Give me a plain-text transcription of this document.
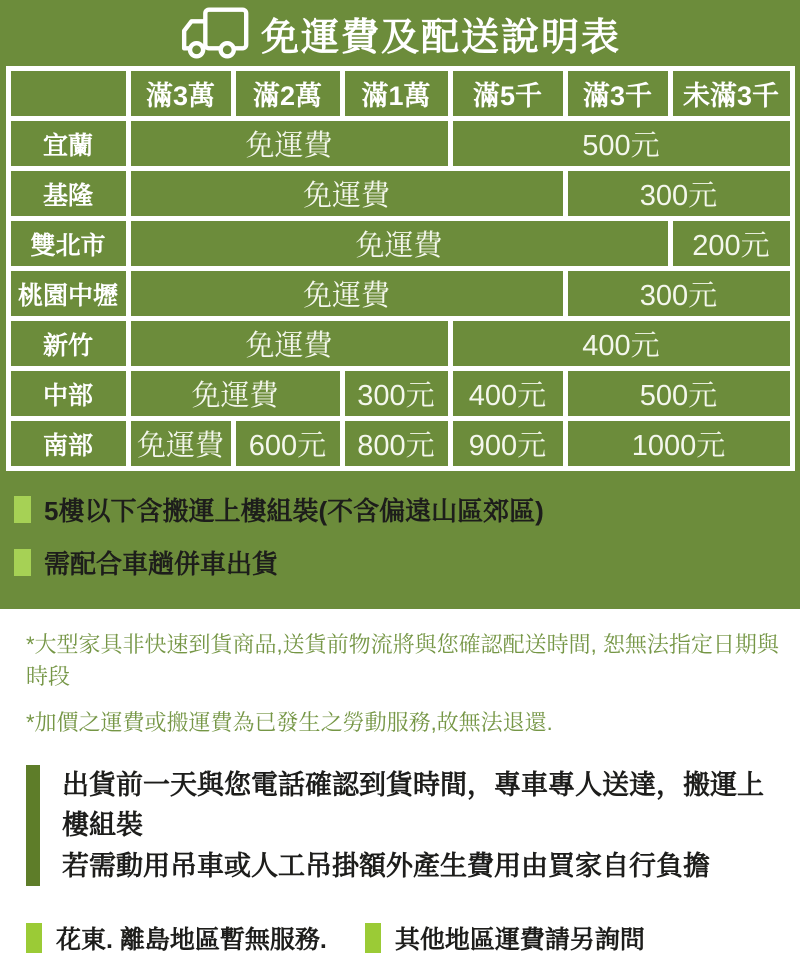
免運費及配送說明表
	滿3萬	滿2萬	滿1萬	滿5千	滿3千	未滿3千
宜蘭	免運費			500元		
基隆	免運費				300元	
雙北市	免運費					200元
桃園中壢	免運費				300元	
新竹	免運費			400元		
中部	免運費		300元	400元	500元	
南部	免運費	600元	800元	900元	1000元	
5樓以下含搬運上樓組裝(不含偏遠山區郊區)
需配合車趟併車出貨

*大型家具非快速到貨商品,送貨前物流將與您確認配送時間, 恕無法指定日期與時段

*加價之運費或搬運費為已發生之勞動服務,故無法退還.

出貨前一天與您電話確認到貨時間，專車專人送達，搬運上樓組裝
若需動用吊車或人工吊掛額外產生費用由買家自行負擔
花東. 離島地區暫無服務.	其他地區運費請另詢問
